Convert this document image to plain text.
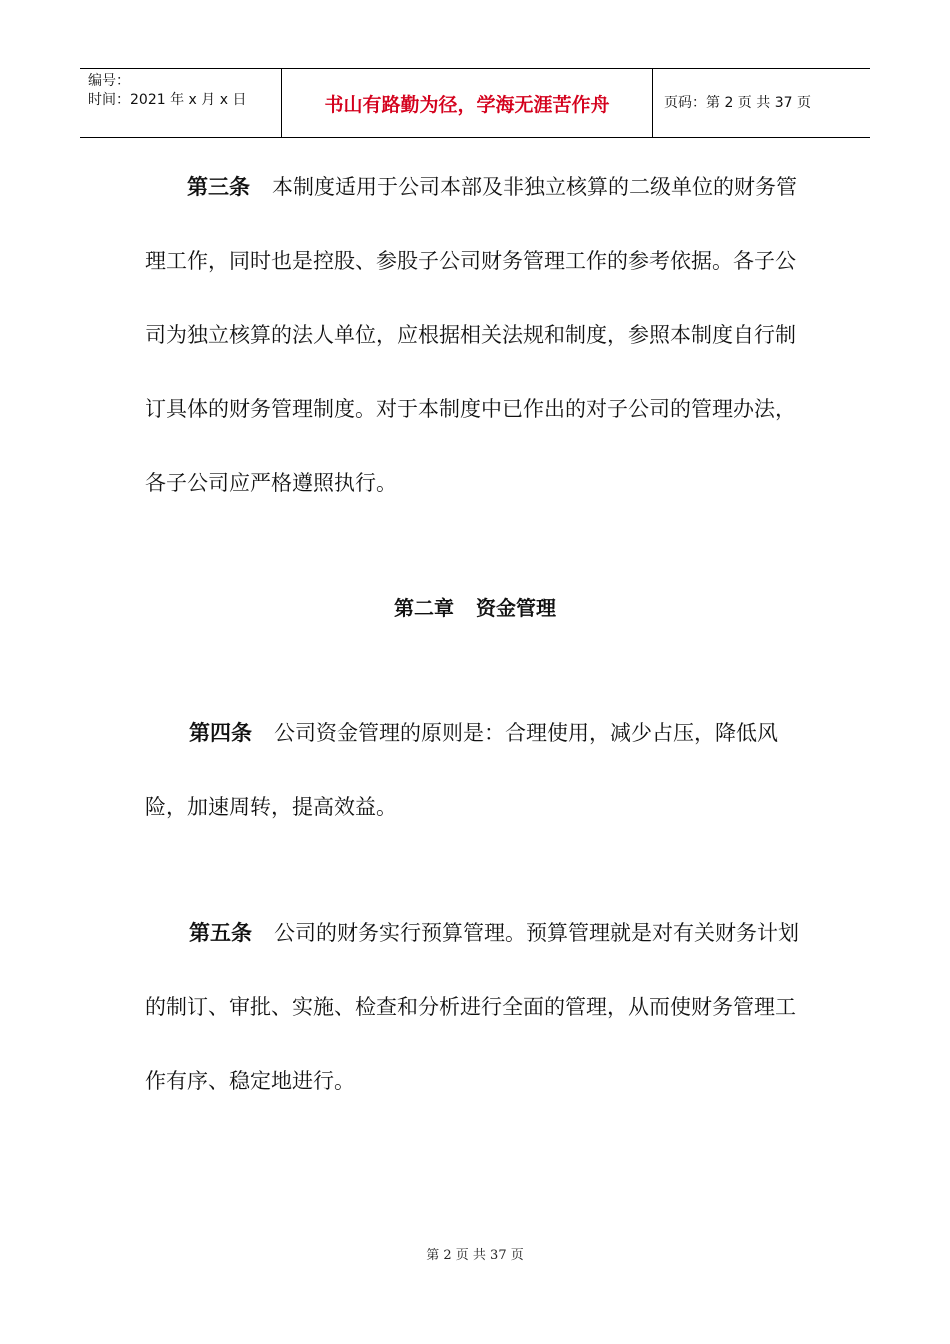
编号：
时间：2021 年 x 月 x 日	书山有路勤为径，学海无涯苦作舟	页码：第 2 页 共 37 页

第三条 本制度适用于公司本部及非独立核算的二级单位的财务管理工作，同时也是控股、参股子公司财务管理工作的参考依据。各子公司为独立核算的法人单位，应根据相关法规和制度，参照本制度自行制订具体的财务管理制度。对于本制度中已作出的对子公司的管理办法，各子公司应严格遵照执行。

第二章 资金管理

第四条 公司资金管理的原则是：合理使用，减少占压，降低风险，加速周转，提高效益。

第五条 公司的财务实行预算管理。预算管理就是对有关财务计划的制订、审批、实施、检查和分析进行全面的管理，从而使财务管理工作有序、稳定地进行。

第 2 页 共 37 页
